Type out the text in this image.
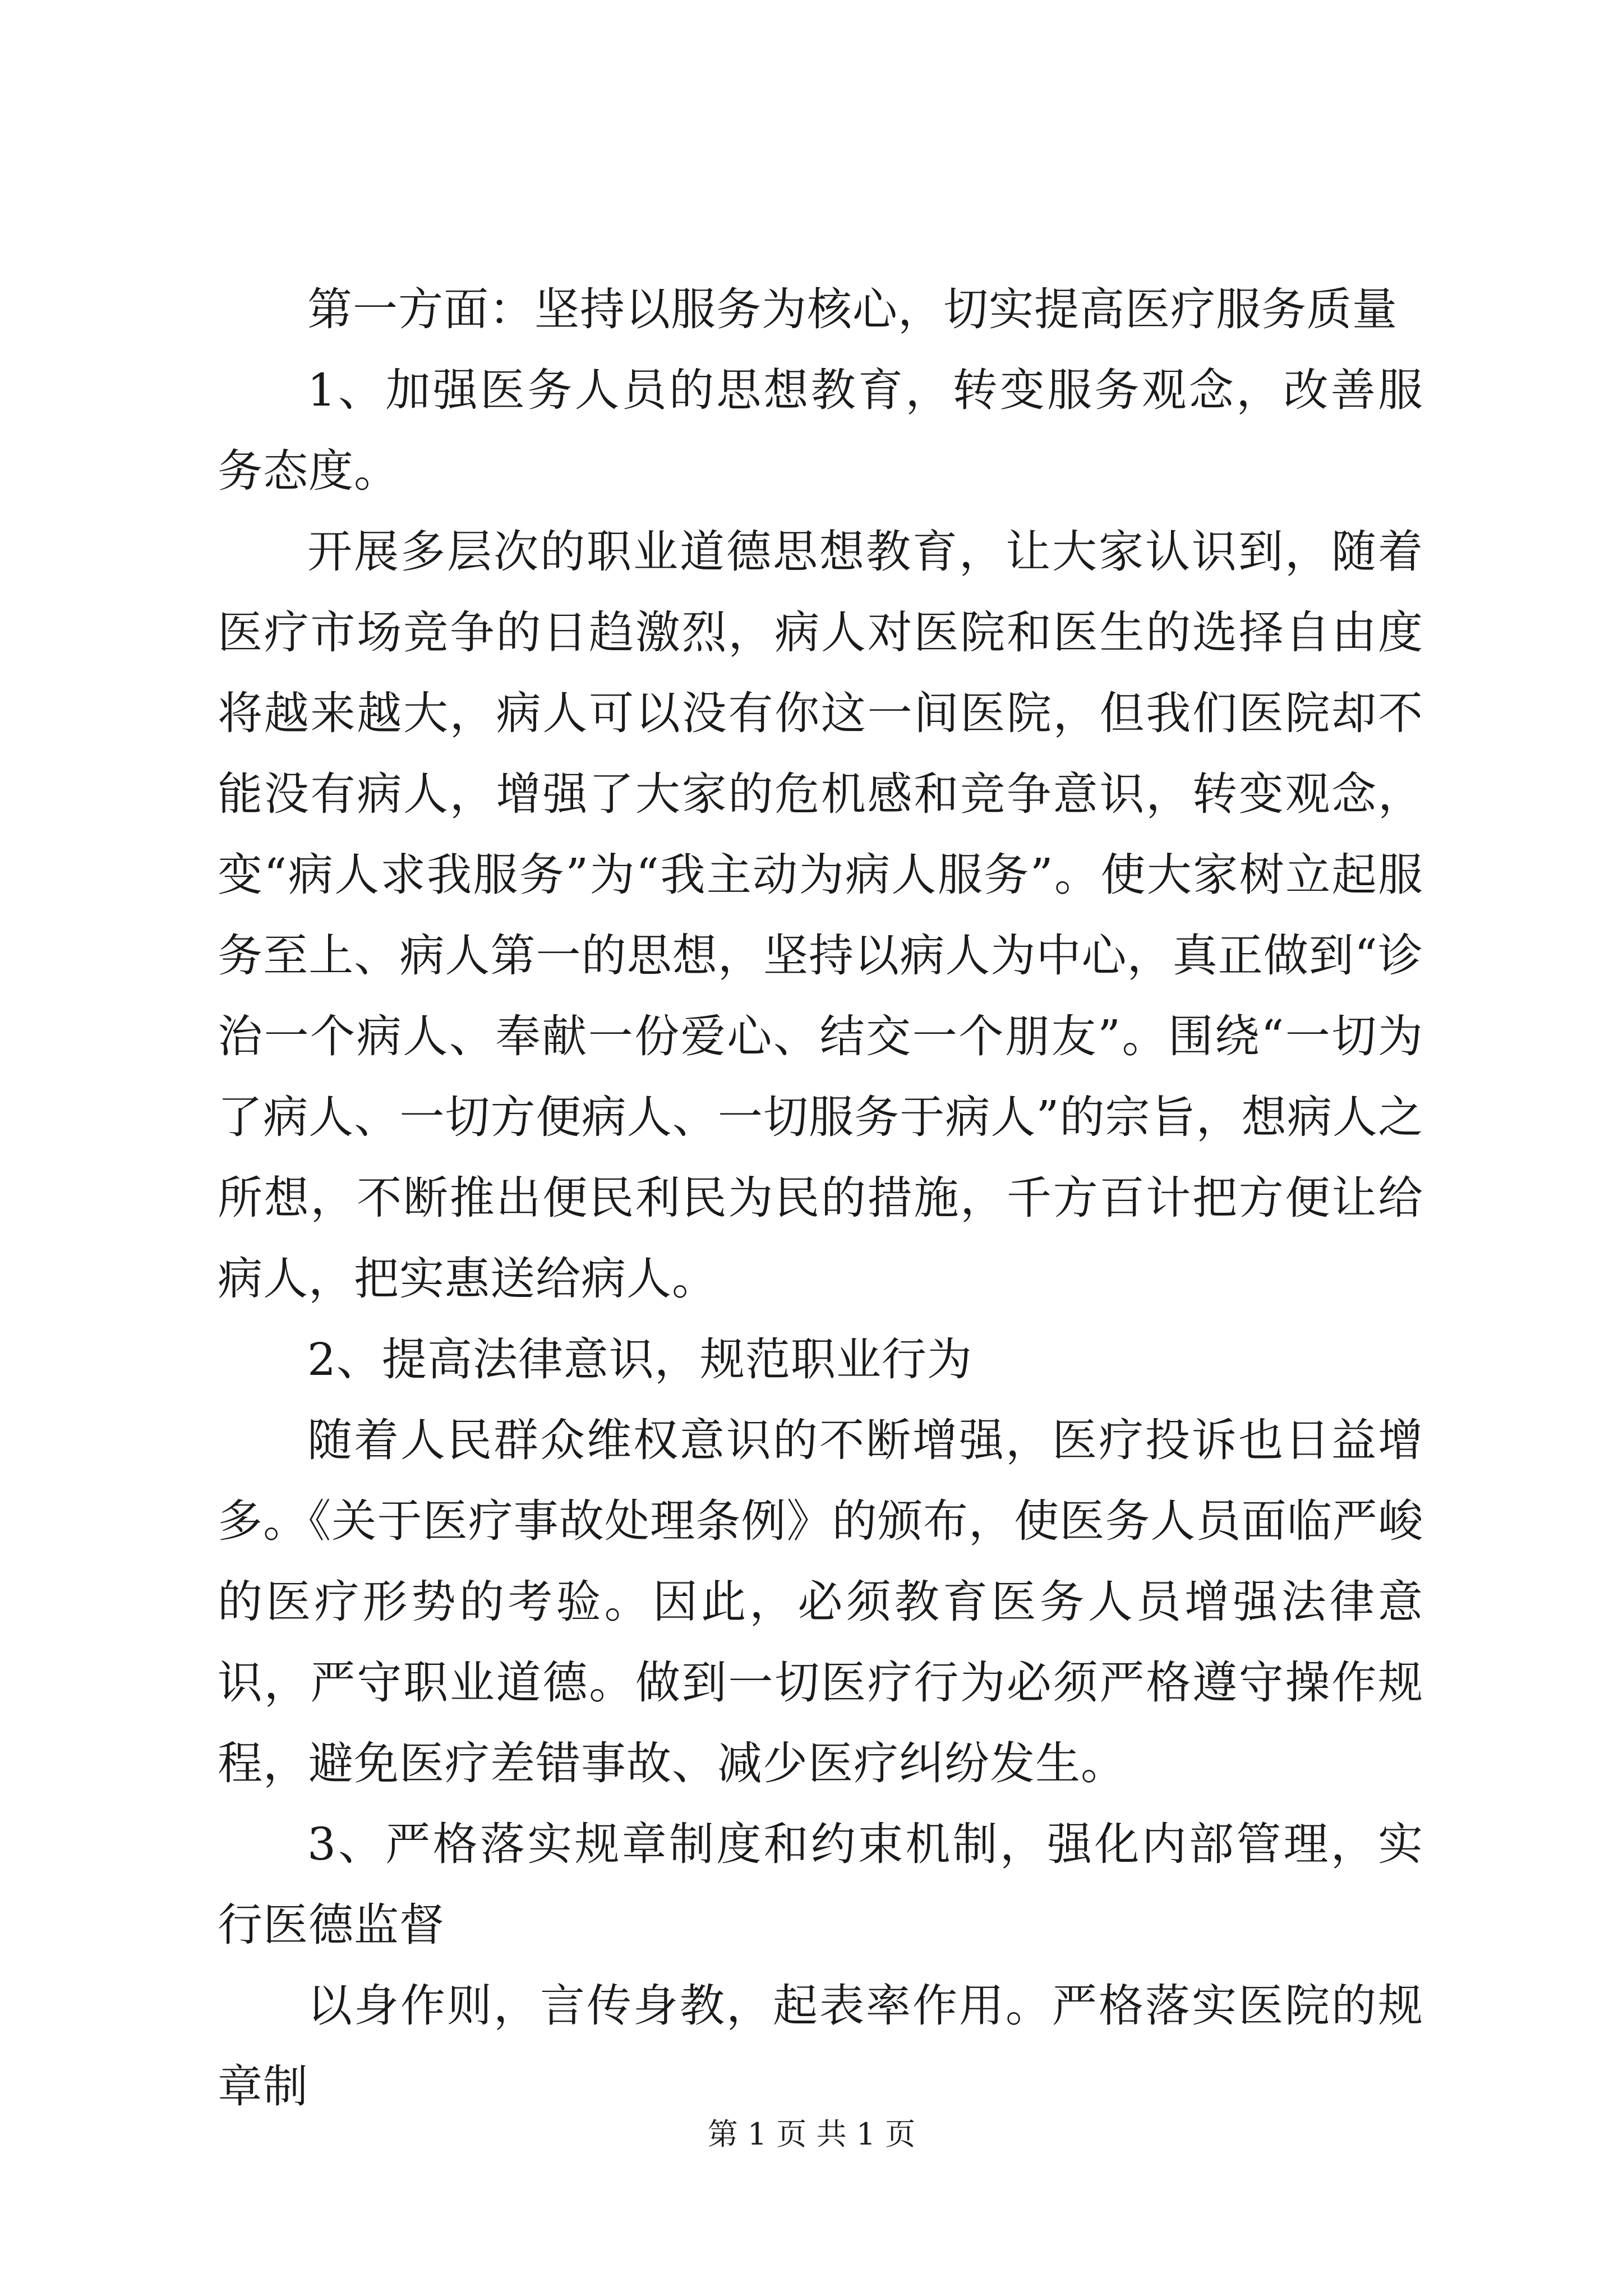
第一方面：坚持以服务为核心，切实提高医疗服务质量

1、加强医务人员的思想教育，转变服务观念，改善服务态度。

开展多层次的职业道德思想教育，让大家认识到，随着医疗市场竞争的日趋激烈，病人对医院和医生的选择自由度将越来越大，病人可以没有你这一间医院，但我们医院却不能没有病人，增强了大家的危机感和竞争意识，转变观念，变“病人求我服务”为“我主动为病人服务”。使大家树立起服务至上、病人第一的思想，坚持以病人为中心，真正做到“诊治一个病人、奉献一份爱心、结交一个朋友”。围绕“一切为了病人、一切方便病人、一切服务于病人”的宗旨，想病人之所想，不断推出便民利民为民的措施，千方百计把方便让给病人，把实惠送给病人。

2、提高法律意识，规范职业行为

随着人民群众维权意识的不断增强，医疗投诉也日益增多。《关于医疗事故处理条例》的颁布，使医务人员面临严峻的医疗形势的考验。因此，必须教育医务人员增强法律意识，严守职业道德。做到一切医疗行为必须严格遵守操作规程，避免医疗差错事故、减少医疗纠纷发生。

3、严格落实规章制度和约束机制，强化内部管理，实行医德监督

以身作则，言传身教，起表率作用。严格落实医院的规章制

第 1 页 共 1 页
